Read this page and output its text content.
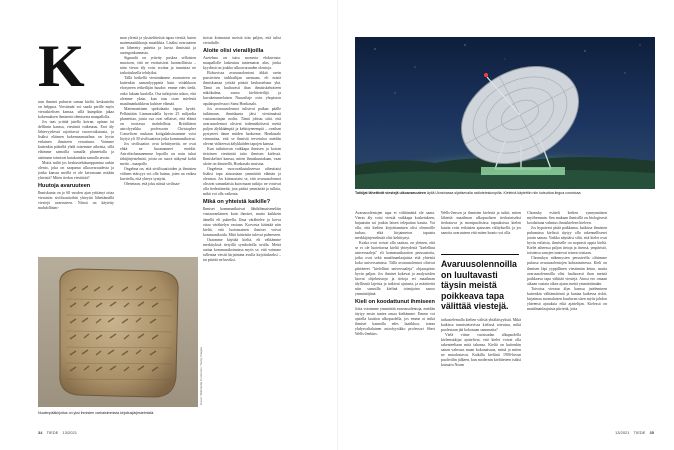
K

uun ihmiset puhuvat samaa kieltä, keskusteltu on helppoa. Viestinnät voi saada perille myös vieraskielisen kanssa, sillä kumpikin jakaa kokemuksen ihmisenä olemisesta maapallolla.

Jos taas yrittää jutella koiran, apinan tai delfiinin kanssa, viestintä vaikeutuu. Eroi äly lähtevyydessä rajoittavat vuorovaikutusta, ja lisäksi eläimen kokemusmaailma on hyvin erilainen ihmiseen verrattuna. Voimme kuitenkin päätellä yhdä toisemme aikeista, sillä eläimme samoilla samalla planeetalla ja aistimme toimivat kutakuinkin samalla tavoin.

Mutta miltä jos keskustelukumppanina onkin olento, joka on saapunut ulkoavaruudesta ja jonka kanssa meillä ei ole kerrassaan mitään yhteistä? Miten tiedon viestittää?

Huutoja avaruuteen

Ihmiskunta on jo 60 vuoden ajan yrittänyt ottaa vieraisiin sivilisaatioihin yhteyttä lähettämällä viestejä avaruuteen. Niissä on käytetty mahdollisim-

man yleistä ja yksiselitteistä tapaa viestiä, kuten matemaattikkaaja musiikkia. Lisäksi avaruuteen on lähetetty puhetta ja kuvia ihmisistä ja auringonkunnasta.

Signaalit on yritetty puskea sellaisien muotoon, että ne erottuisivat luonnollisista – näin vieras äly voisi erottaa ja tunnistaa ne tarkoituksella tehdyiksi.

Tällä hetkellä viestintämme avaruuteen on kuitenkin samanlyyppistä kuin viidakkoon elosyneen retkeilijän huudot: emme edes tiedä, onko lukaan kuulolla. Osa tutkijoista uskoo, että olemme yksin, kun taas osan mielestä maailmankaikkeus kuhisee elämää.

Matemaattinen spekulaatio tapaa hyvää. Pelkästään Linnunradalla hyvin 25 miljardia planeettaa, joista osa ovat sellaiset, että elämä on teoriassa mahdollista. Brittiläisen astrofyysikko professorin Christopher Conselicen mukaan kotigalaksissamme voisi löytyä yli 30 sivilisaatiota jotka kommunikoivat.

Jos sivilisaatiot ovat kehittyneitä, ne ovat ehkä ne huomanneet meidät. Astrobiolumunemme lepoilla on noin tuhat tähtijärjestelmää, joista on suora näkymä kohti meitä – maapallo

Ongelma on, että siviilisaatioiden ja ihmisten välinen etäisyys voi olla huima, joten on vaikea kuvitella, että yhteys syntyisi.

Olenetaan, että joku näistä sivilisaa-

tioista kiinnostui meistä niin paljon, että tulisi vierailulle.

Aloite olisi vierailijoilla

Asetelma on tuttu monesta elokuvasta: maapallolle laskeutuu tuntematon alus, jonka kyydissä on joukko ulkoavaruuden olentoja.

Elokuvissa avaruusolentoni äkkiä osein passiivisen tarkkailijan asemaan, eli mistä ihmiskuntaa yrittää päästä keskusteluun yhä. Tämä on luultavasti ihan ihmisiskehotteen näkökulma, sanoo kielitieteilijä ja kuvaketunnelaisen Nuuarfiaje ovin yhopiston apulaisprofessori Sami Honkasalo.

Jos avaruusolennot tulisivat paikan päälle tutkimaan, ihmiskunta jäisi viestinnässä vastaanottajan roolin. Tämä johtuu siitä, että avaruusolennot olisivat todennäköisesti meitä paljon älykkäämpiä ja kehittyneempiä – ovathan pystyneet tänne mitden luokseme. Honkasalo vinnanttaa, että se ihmisiä tervetuloa meidän olevan viihteessä äälykkäiden tapojen kanssa.

Kun tutkittavan vaikkapa ihmisen ja koiran tietoinen viestintää taito ihmisen kielessä. Ihmiskeliset kanssa, miten ihmiskuntakaan, vaan aloite on ihmisellä, Honkasalo muistaa.

Ongelmia vuorovaikutukseessa aiheuttaisi lisäksi tapa ainoastaan ymmärtää elämän ja olennon. Jos kiinnostaisi se, että avaruusolennot olisivat samanlaisia kuin maan tutkija: ne voisivat olla tiedestäneitä, jota pitäisi ymmärtää ja tulkita, mikä voi olla vaikeata.

Mikä on yhteistä kaikille?

Ihmiset kommunikoivat lähdiöhmaiseneläin vastaavanlainen kuin ihmiset, mutta kaikkein äänellä eli puheella. Ilma värähtelee ja korva ottaa värähtelyn vastaan. Korvasta kääntää niin kieltä, että luotomainen ihmiset voivat kommunikoida. Mitä laitteisiin tulevat puheeseen.

Osaamme käyttää kieltä, eli välitämme merkityksiä tietyillä symboleilla avulla. Meitä auttaa kommunikoinnissa myös se, että voimme tallentaa viestit kirjaimina avulla kirjoitukseksi – tai piirtää ne kuviksi.

Kuvat: Wikimedia Commons / Getty Images
Nuolenpääkirjoitus on yksi ihmisten varhaisimmista kirjoitusjärjestelmistä.
34 TIEDE 13/2021
Tutkijat lähettivät viestejä ulkoavaruuteen äyllä Ukrainassa sijaitsevalla radioteleskoopilla. Kieleinä käytettiin niin kutsuttua lingua cosmicaa.

Avaruusolentojen tapa ei välttämättä ole sama. Vieras äly voisi viestiä vaikkapa kosketuksen, hajuaistin tai jonkin laisen telepatian kautta. Voi olla, että kielten kirjoittaminen olisi olennoille turhaa, eikä kirjaimeton tapaista merkkijärjestelmää olisi kehittynyt.

Koska ovat voivat olla saattaa, on yleinen, että se ei ole luotettavaa kieltä yhteydestä "kielellinä universaaleja" eli kommunikaation perusasioita, jotka ovat sekä maailmanlaajuisia että yhteisiä koko universumissa. Tällä avaruusolennot olisivat piirtäneet "kielellinä universaaleja" ohjauspiirto hyvin paljon. Jos ihmiset kokevat ja analysoiden luovat ohjelmistoja ja tietoja eri maailman älyllisistä lajeista ja tutkivat ajatusta, ja määritettä niin samoilla kielinä toimijoina sanoo ymmärtäjänä.

Kieli on koodattunut ihmiseen

Jotta voisimme ymmärtää avaruusolentoja, meidän täytyy ensin tuntea omaa kieltämme. Emme voi ajatella laattion ulkopuolella, jos emme oi mikä ihmiset kannolla edes laatikkoa, toteaa yhdysvaltalainen astrofyysikko professori Sheri Wells-Jenkins.

Wells-Jenson ja ihmisten kielestä ja tutkii, miten lähteitä maailman ulkopuolisen tiedostaiseksi tiedostuva ja monipuolisissa tapauksissa kielen kautta voisi erilaisten ajatusten välityksellä. ja jos sanotta avaruuteen että miten luonto voi olla.

Avaruusolennoilla on luultavasti täysin meistä poikkeava tapa välittää viestejä.

tarkastelemalla kielten välisiä yhtäläisyyksiä. Mikä kaikissa tunnistettavissa kielissä toteutuu, mikä puolestaan jää kokonaan sanomatta?

Vielä viime vuosisadan alkupuolella kielentutkijat ajattelivat, että kielet voivat olla rakenteeltaan mitä tahansa. Kieliä on kuitenkin sanan vahvuus maan kokonaisuus, mistä ja miten ne muodostavat. Kaikilla kieliinä 1900-luvun puolivälin jälkeen, kun modernin kielitieteen isäksi kutsuttu Noam

Chomsky esitteli kielten synnynnäisen myöhemmin. Sen mukaan ihmisillä on biologisesti koodattuna valmius ihmiskieleen kieleen.

Jos hypoteesi pitää paikkansa, kaikissa ihmisten puhumissa kielissä täytyy olla rakennelliseset jotain samaa. Vaikka näyttäisi siltä, että kielet ovat hyvin erilaisia, ihmiselle on nopeasti oppia kieliä. Kielet aiheessa paljon tietoja ja itsensä, ympäristö, toistensa sanojen tuntevat toinen toistaan.

Chomskyn näkemysten perusteella olisimme pulassa avaruusolentojen kohtaamisessa. Kieli on ihmisen läpi yyppillinen viestinnän keino, mutta avaruusolennoilla olisi luultavasti ihan meistä poikkeava tapa välittää viestejä. Ainoa ero omaan aikaan vastata oikea ajatus meitä ymmärtämään.

Toivoisa vieraan älyn kanssa juteleminen kuitenkin välttämätöntä ja kantaa kaikessa riskit, kirjaimaa suomalaisen kuuluvan siten myös johdon yhteensä ajatuksia eikä ajattelijan. Kielessä on maailmanlaajuisia piirteitä, joita

13/2021 TIEDE 35
